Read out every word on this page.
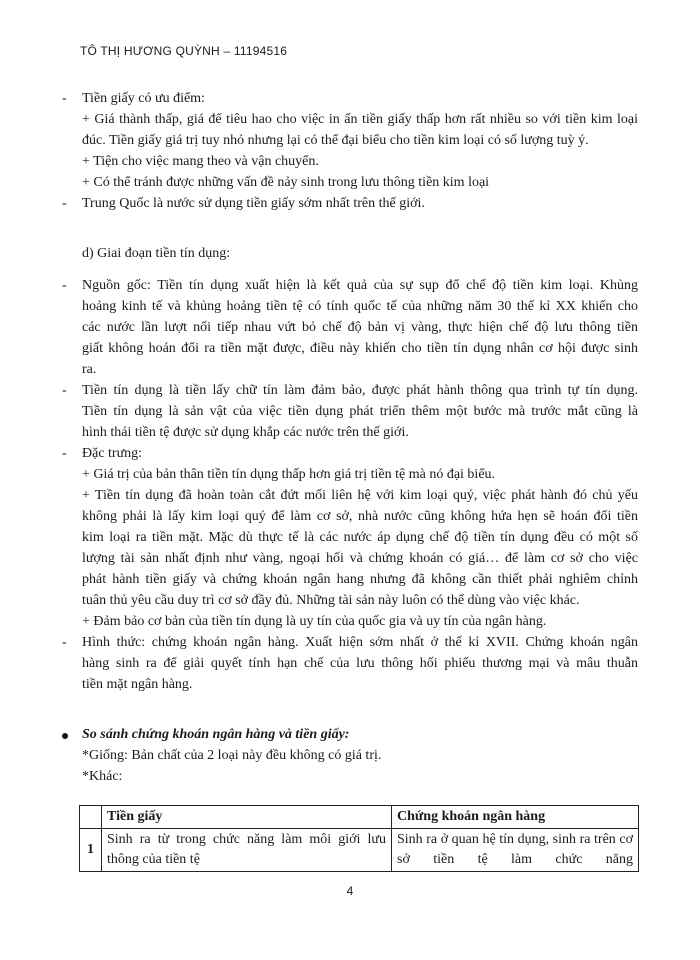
TÔ THỊ HƯƠNG QUỲNH – 11194516
- Tiền giấy có ưu điểm:
+ Giá thành thấp, giá để tiêu hao cho việc in ấn tiền giấy thấp hơn rất nhiều so với tiền kim loại
đúc. Tiền giấy giá trị tuy nhỏ nhưng lại có thể đại biểu cho tiền kim loại có số lượng tuỳ ý.
+ Tiện cho việc mang theo và vận chuyển.
+ Có thể tránh được những vấn đề nảy sinh trong lưu thông tiền kim loại
- Trung Quốc là nước sử dụng tiền giấy sớm nhất trên thế giới.
d) Giai đoạn tiền tín dụng:
- Nguồn gốc: Tiền tín dụng xuất hiện là kết quả của sự sụp đổ chế độ tiền kim loại. Khủng
hoảng kinh tế và khủng hoảng tiền tệ có tính quốc tế của những năm 30 thế kỉ XX khiến cho
các nước lần lượt nối tiếp nhau vứt bỏ chế độ bản vị vàng, thực hiện chế độ lưu thông tiền
giất không hoán đổi ra tiền mặt được, điều này khiến cho tiền tín dụng nhân cơ hội được sinh
ra.
- Tiền tín dụng là tiền lấy chữ tín làm đảm bảo, được phát hành thông qua trình tự tín dụng.
Tiền tín dụng là sản vật của việc tiền dụng phát triển thêm một bước mà trước mắt cũng là
hình thái tiền tệ được sử dụng khắp các nước trên thế giới.
- Đặc trưng:
+ Giá trị của bản thân tiền tín dụng thấp hơn giá trị tiền tệ mà nó đại biểu.
+ Tiền tín dụng đã hoàn toàn cắt đứt mối liên hệ với kim loại quý, việc phát hành đó chủ yếu
không phải là lấy kim loại quý để làm cơ sở, nhà nước cũng không hứa hẹn sẽ hoán đổi tiền
kim loại ra tiền mặt. Mặc dù thực tế là các nước áp dụng chế độ tiền tín dụng đều có một số
lượng tài sản nhất định như vàng, ngoại hối và chứng khoán có giá… để làm cơ sở cho việc
phát hành tiền giấy và chứng khoán ngân hang nhưng đã không cần thiết phải nghiêm chỉnh
tuân thủ yêu cầu duy trì cơ sở đầy đủ. Những tài sản này luôn có thể dùng vào việc khác.
+ Đảm bảo cơ bản của tiền tín dụng là uy tín của quốc gia và uy tín của ngân hàng.
- Hình thức: chứng khoán ngân hàng. Xuất hiện sớm nhất ở thế kỉ XVII. Chứng khoán ngân
hàng sinh ra để giải quyết tính hạn chế của lưu thông hối phiếu thương mại và mâu thuẫn
tiền mặt ngân hàng.
So sánh chứng khoán ngân hàng và tiền giấy:
*Giống: Bản chất của 2 loại này đều không có giá trị.
*Khác:
	Tiền giấy	Chứng khoán ngân hàng
1	Sinh ra từ trong chức năng làm môi giới lưu thông của tiền tệ	Sinh ra ở quan hệ tín dụng, sinh ra trên cơ sở tiền tệ làm chức năng
4
